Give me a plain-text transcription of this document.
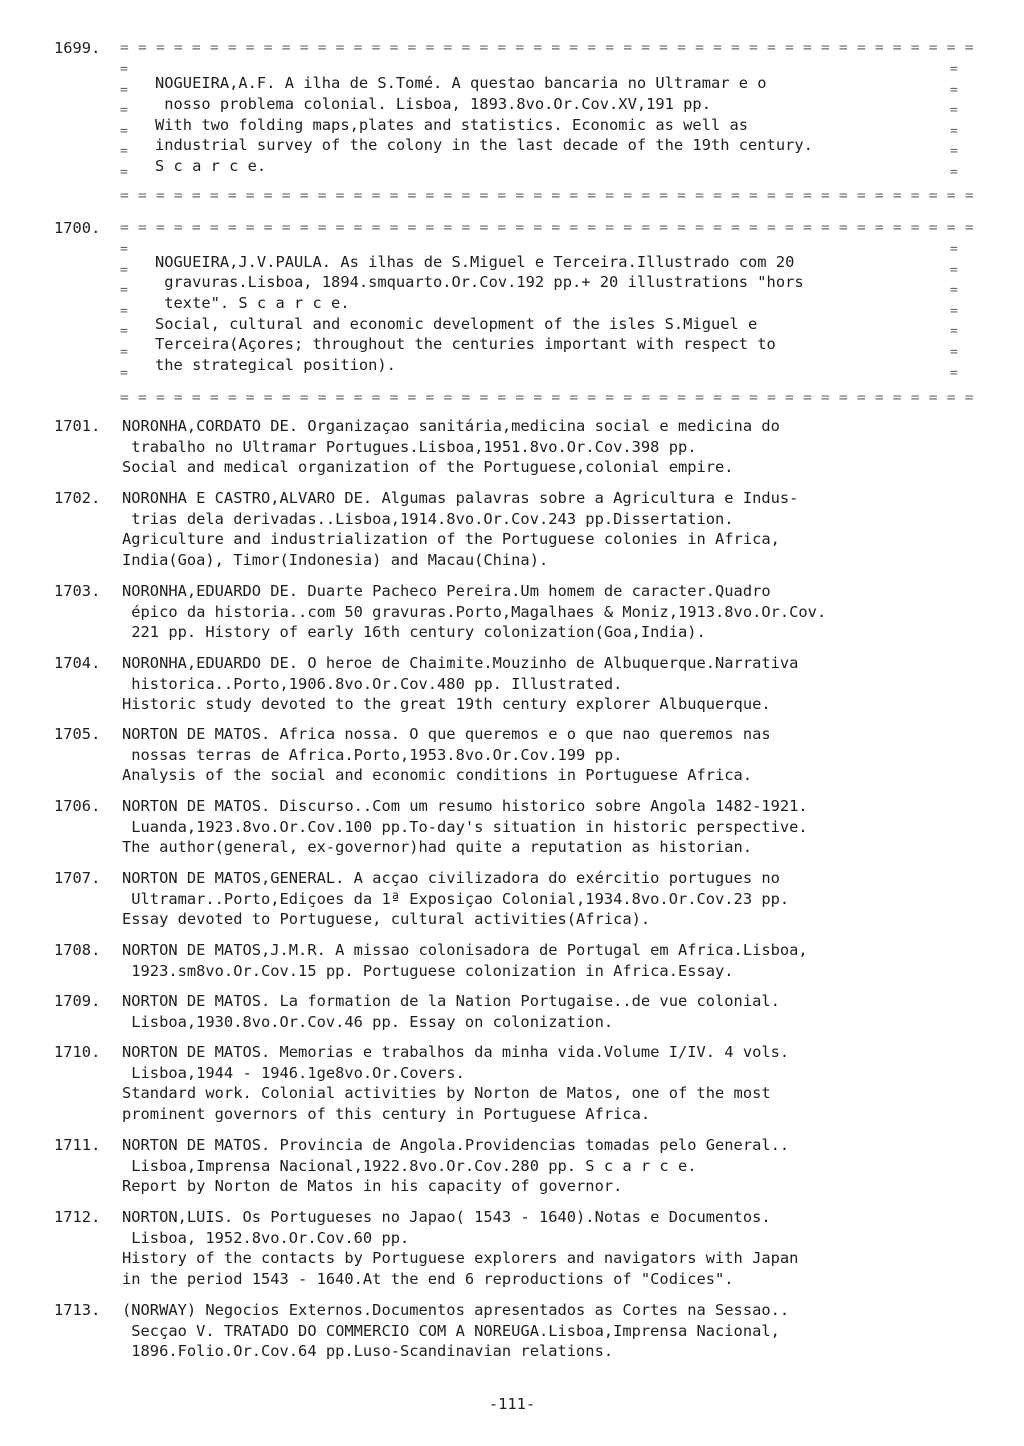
1699. = = = = = = = = = = = = = = = = = = = = = = = = = = = = = = = = = = = = = = = = = = = = = = = =
=
=
=
=
=
=

=
=
=
=
=
=

NOGUEIRA,A.F. A ilha de S.Tomé. A questao bancaria no Ultramar e o
nosso problema colonial. Lisboa, 1893.8vo.Or.Cov.XV,191 pp.
With two folding maps,plates and statistics. Economic as well as
industrial survey of the colony in the last decade of the 19th century.
S c a r c e.
= = = = = = = = = = = = = = = = = = = = = = = = = = = = = = = = = = = = = = = = = = = = = = = =
1700. = = = = = = = = = = = = = = = = = = = = = = = = = = = = = = = = = = = = = = = = = = = = = = = =
=
=
=
=
=
=
=

=
=
=
=
=
=
=

NOGUEIRA,J.V.PAULA. As ilhas de S.Miguel e Terceira.Illustrado com 20
gravuras.Lisboa, 1894.smquarto.Or.Cov.192 pp.+ 20 illustrations "hors
texte". S c a r c e.
Social, cultural and economic development of the isles S.Miguel e
Terceira(Açores; throughout the centuries important with respect to
the strategical position).
= = = = = = = = = = = = = = = = = = = = = = = = = = = = = = = = = = = = = = = = = = = = = = = =
1701.	NORONHA,CORDATO DE. Organizaçao sanitária,medicina social e medicina do
trabalho no Ultramar Portugues.Lisboa,1951.8vo.Or.Cov.398 pp.
Social and medical organization of the Portuguese,colonial empire.
1702.	NORONHA E CASTRO,ALVARO DE. Algumas palavras sobre a Agricultura e Indus-
trias dela derivadas..Lisboa,1914.8vo.Or.Cov.243 pp.Dissertation.
Agriculture and industrialization of the Portuguese colonies in Africa,
India(Goa), Timor(Indonesia) and Macau(China).
1703.	NORONHA,EDUARDO DE. Duarte Pacheco Pereira.Um homem de caracter.Quadro
épico da historia..com 50 gravuras.Porto,Magalhaes & Moniz,1913.8vo.Or.Cov.
221 pp. History of early 16th century colonization(Goa,India).
1704.	NORONHA,EDUARDO DE. O heroe de Chaimite.Mouzinho de Albuquerque.Narrativa
historica..Porto,1906.8vo.Or.Cov.480 pp. Illustrated.
Historic study devoted to the great 19th century explorer Albuquerque.
1705.	NORTON DE MATOS. Africa nossa. O que queremos e o que nao queremos nas
nossas terras de Africa.Porto,1953.8vo.Or.Cov.199 pp.
Analysis of the social and economic conditions in Portuguese Africa.
1706.	NORTON DE MATOS. Discurso..Com um resumo historico sobre Angola 1482-1921.
Luanda,1923.8vo.Or.Cov.100 pp.To-day's situation in historic perspective.
The author(general, ex-governor)had quite a reputation as historian.
1707.	NORTON DE MATOS,GENERAL. A acçao civilizadora do exércitio portugues no
Ultramar..Porto,Ediçoes da 1ª Exposiçao Colonial,1934.8vo.Or.Cov.23 pp.
Essay devoted to Portuguese, cultural activities(Africa).
1708.	NORTON DE MATOS,J.M.R. A missao colonisadora de Portugal em Africa.Lisboa,
1923.sm8vo.Or.Cov.15 pp. Portuguese colonization in Africa.Essay.
1709.	NORTON DE MATOS. La formation de la Nation Portugaise..de vue colonial.
Lisboa,1930.8vo.Or.Cov.46 pp. Essay on colonization.
1710.	NORTON DE MATOS. Memorias e trabalhos da minha vida.Volume I/IV. 4 vols.
Lisboa,1944 - 1946.1ge8vo.Or.Covers.
Standard work. Colonial activities by Norton de Matos, one of the most
prominent governors of this century in Portuguese Africa.
1711.	NORTON DE MATOS. Provincia de Angola.Providencias tomadas pelo General..
Lisboa,Imprensa Nacional,1922.8vo.Or.Cov.280 pp. S c a r c e.
Report by Norton de Matos in his capacity of governor.
1712.	NORTON,LUIS. Os Portugueses no Japao( 1543 - 1640).Notas e Documentos.
Lisboa, 1952.8vo.Or.Cov.60 pp.
History of the contacts by Portuguese explorers and navigators with Japan
in the period 1543 - 1640.At the end 6 reproductions of "Codices".
1713.	(NORWAY) Negocios Externos.Documentos apresentados as Cortes na Sessao..
Secçao V. TRATADO DO COMMERCIO COM A NOREUGA.Lisboa,Imprensa Nacional,
1896.Folio.Or.Cov.64 pp.Luso-Scandinavian relations.
-111-
